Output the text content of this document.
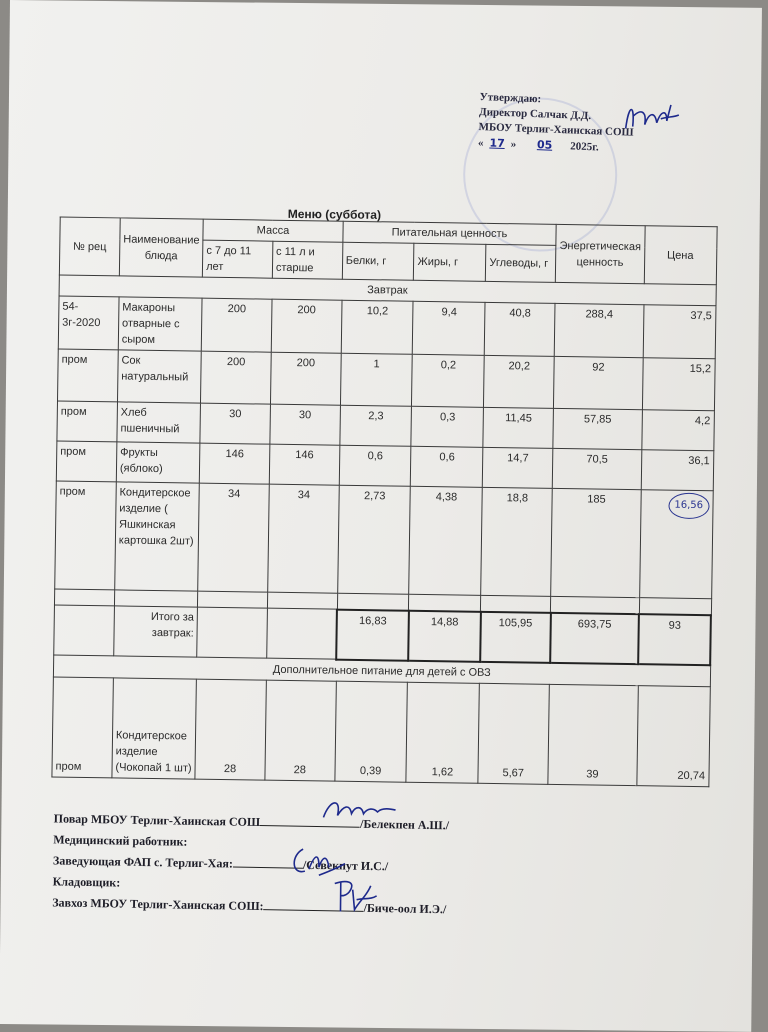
Утверждаю:
Директор Салчак Д.Д.
МБОУ Терлиг-Хаинская СОШ
« 17 » 05 2025г.
Меню (суббота)
№ рец	Наименование блюда	Масса		Питательная ценность			Энергетическая ценность	Цена
		с 7 до 11 лет	с 11 л и старше	Белки, г	Жиры, г	Углеводы, г		
Завтрак								
54-3г-2020	Макароны отварные с сыром	200	200	10,2	9,4	40,8	288,4	37,5
пром	Сок натуральный	200	200	1	0,2	20,2	92	15,2
пром	Хлеб пшеничный	30	30	2,3	0,3	11,45	57,85	4,2
пром	Фрукты (яблоко)	146	146	0,6	0,6	14,7	70,5	36,1
пром	Кондитерское изделие ( Яшкинская картошка 2шт)	34	34	2,73	4,38	18,8	185	16,56

	Итого за завтрак:			16,83	14,88	105,95	693,75	93
Дополнительное питание для детей с ОВЗ								
пром	Кондитерское изделие (Чокопай 1 шт)	28	28	0,39	1,62	5,67	39	20,74
Повар МБОУ Терлиг-Хаинская СОШ	/Белекпен А.Ш./
Медицинский работник:
Заведующая ФАП с. Терлиг-Хая:	/Севекпут И.С./
Кладовщик:
Завхоз МБОУ Терлиг-Хаинская СОШ:	/Биче-оол И.Э./
